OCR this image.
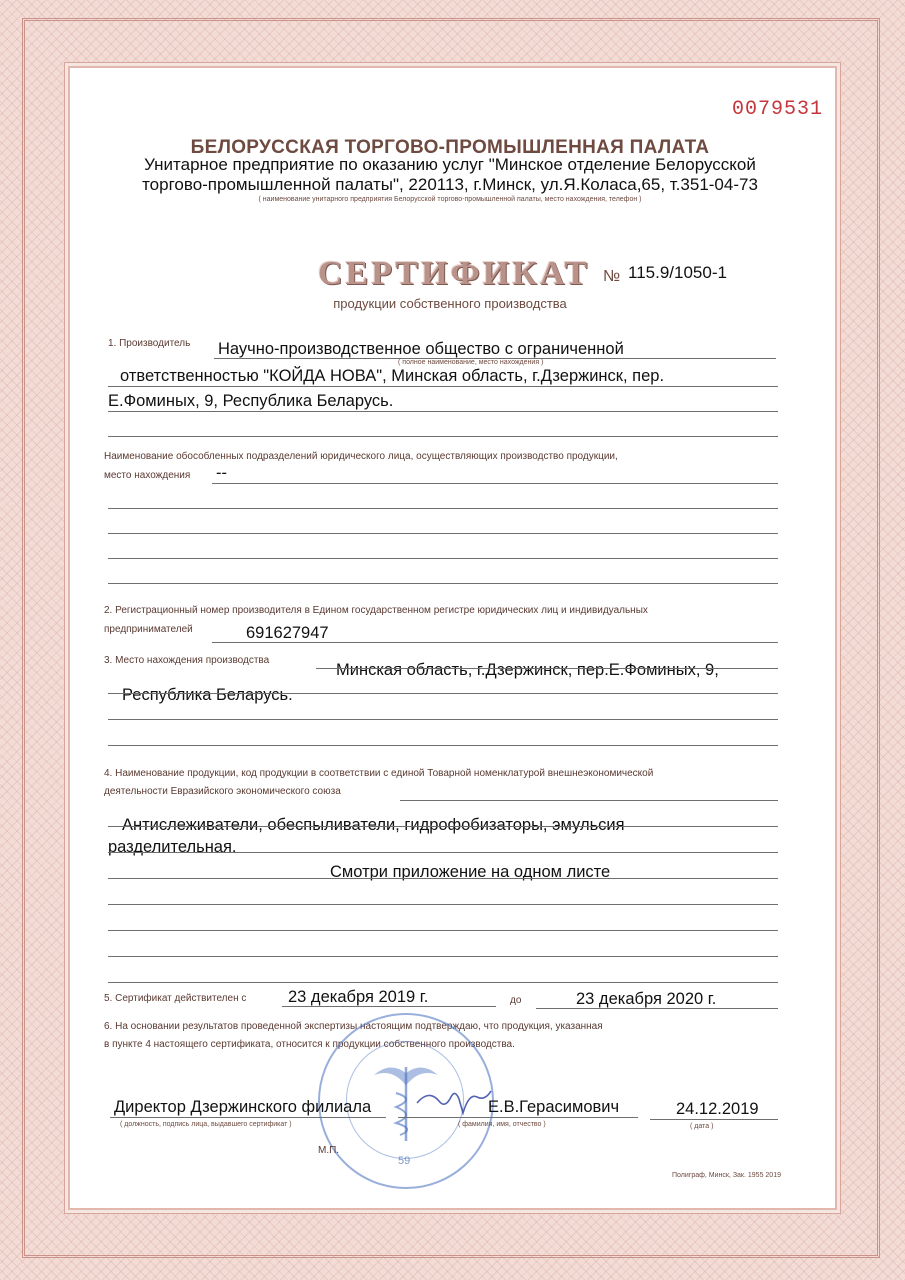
0079531
БЕЛОРУССКАЯ ТОРГОВО-ПРОМЫШЛЕННАЯ ПАЛАТА
Унитарное предприятие по оказанию услуг "Минское отделение Белорусской
торгово-промышленной палаты", 220113, г.Минск, ул.Я.Коласа,65, т.351-04-73
( наименование унитарного предприятия Белорусской торгово-промышленной палаты, место нахождения, телефон )
СЕРТИФИКАТ № 115.9/1050-1
продукции собственного производства
1. Производитель Научно-производственное общество с ограниченной
( полное наименование, место нахождения )
ответственностью "КОЙДА НОВА", Минская область, г.Дзержинск, пер.
Е.Фоминых, 9, Республика Беларусь.
Наименование обособленных подразделений юридического лица, осуществляющих производство продукции,
место нахождения --
2. Регистрационный номер производителя в Едином государственном регистре юридических лиц и индивидуальных
предпринимателей	691627947
3. Место нахождения производства
Минская область, г.Дзержинск, пер.Е.Фоминых, 9,
Республика Беларусь.
4. Наименование продукции, код продукции в соответствии с единой Товарной номенклатурой внешнеэкономической
деятельности Евразийского экономического союза
Антислеживатели, обеспыливатели, гидрофобизаторы, эмульсия
разделительная.
Смотри приложение на одном листе
5. Сертификат действителен с	23 декабря 2019 г.	до	23 декабря 2020 г.
6. На основании результатов проведенной экспертизы настоящим подтверждаю, что продукция, указанная
в пункте 4 настоящего сертификата, относится к продукции собственного производства.
59
Директор Дзержинского филиала
( должность, подпись лица, выдавшего сертификат )
Е.В.Герасимович
( фамилия, имя, отчество )
24.12.2019
( дата )
М.П.
Полиграф, Минск, Зак. 1955 2019
